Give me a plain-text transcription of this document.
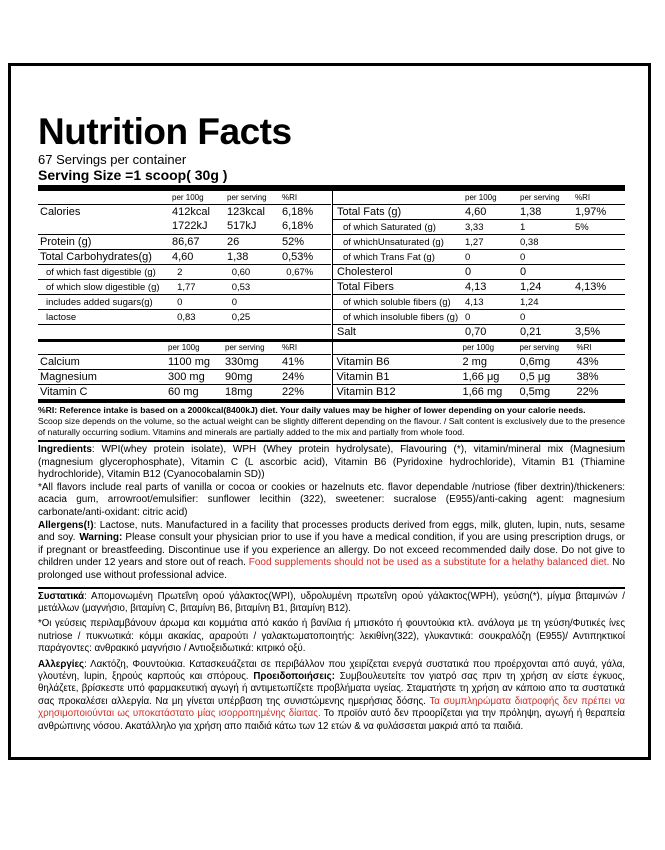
Nutrition Facts
67 Servings per container
Serving Size =1 scoop( 30g )
per 100g	per serving	%RI
Calories	412kcal	123kcal	6,18%
1722kJ	517kJ	6,18%
Protein (g)	86,67	26	52%
Total Carbohydrates(g)	4,60	1,38	0,53%
of which fast digestible (g)	2	0,60	0,67%
of which slow digestible (g)	1,77	0,53
includes added sugars(g)	0	0
lactose	0,83	0,25
per 100g	per serving	%RI
Total Fats (g)	4,60	1,38	1,97%
of which Saturated (g)	3,33	1	5%
of whichUnsaturated (g)	1,27	0,38
of which Trans Fat (g)	0	0
Cholesterol	0	0
Total Fibers	4,13	1,24	4,13%
of which soluble fibers (g)	4,13	1,24
of which insoluble fibers (g) 0	0
Salt	0,70	0,21	3,5%
per 100g	per serving	%RI
Calcium	1100 mg	330mg	41%
Magnesium	300 mg	90mg	24%
Vitamin C	60 mg	18mg	22%
per 100g	per serving	%RI
Vitamin B6	2 mg	0,6mg	43%
Vitamin B1	1,66 μg	0,5 μg	38%
Vitamin B12	1,66 mg	0,5mg	22%

%RI: Reference intake is based on a 2000kcal(8400kJ) diet. Your daily values may be higher of lower depending on your calorie needs.

Scoop size depends on the volume, so the actual weight can be slightly different depending on the flavour. / Salt content is exclusively due to the presence of naturally occurring sodium. Vitamins and minerals are partially added to the mix and partially from whole food.

Ingredients: WPI(whey protein isolate), WPH (Whey protein hydrolysate), Flavouring (*), vitamin/mineral mix (Magnesium (magnesium glycerophosphate), Vitamin C (L ascorbic acid), Vitamin B6 (Pyridoxine hydrochloride), Vitamin B1 (Thiamine hydrochloride), Vitamin B12 (Cyanocobalamin SD))

*All flavors include real parts of vanilla or cocoa or cookies or hazelnuts etc. flavor dependable /nutriose (fiber dextrin)/thickeners: acacia gum, arrowroot/emulsifier: sunflower lecithin (322), sweetener: sucralose (E955)/anti-caking agent: magnesium carbonate/anti-oxidant: citric acid)

Allergens(!): Lactose, nuts. Manufactured in a facility that processes products derived from eggs, milk, gluten, lupin, nuts, sesame and soy. Warning: Please consult your physician prior to use if you have a medical condition, if you are using prescription drugs, or if pregnant or breastfeeding. Discontinue use if you experience an allergy. Do not exceed recommended daily dose. Do not give to children under 12 years and store out of reach. Food supplements should not be used as a substitute for a helathy balanced diet. No prolonged use without professional advice.

Συστατικά: Απομονωμένη Πρωτεΐνη ορού γάλακτος(WPI), υδρολυμένη πρωτεΐνη ορού γάλακτος(WPH), γεύση(*), μίγμα βιταμινών / μετάλλων (μαγνήσιο, βιταμίνη C, βιταμίνη B6, βιταμίνη B1, βιταμίνη B12).

*Οι γεύσεις περιλαμβάνουν άρωμα και κομμάτια από κακάο ή βανίλια ή μπισκότο ή φουντούκια κτλ. ανάλογα με τη γεύση/Φυτικές ίνες nutriose / πυκνωτικά: κόμμι ακακίας, αραρούτι / γαλακτωματοποιητής: λεκιθίνη(322), γλυκαντικά: σουκραλόζη (Ε955)/ Αντιπηκτικοί παράγοντες: ανθρακικό μαγνήσιο / Αντιοξειδωτικά: κιτρικό οξύ.

Αλλεργίες: Λακτόζη, Φουντούκια. Κατασκευάζεται σε περιβάλλον που χειρίζεται ενεργά συστατικά που προέρχονται από αυγά, γάλα, γλουτένη, lupin, ξηρούς καρπούς και σπόρους. Προειδοποιήσεις: Συμβουλευτείτε τον γιατρό σας πριν τη χρήση αν είστε έγκυος, θηλάζετε, βρίσκεστε υπό φαρμακευτική αγωγή ή αντιμετωπίζετε προβλήματα υγείας. Σταματήστε τη χρήση αν κάποιο απο τα συστατικά σας προκαλέσει αλλεργία. Να μη γίνεται υπέρβαση της συνιστώμενης ημερήσιας δόσης. Τα συμπληρώματα διατροφής δεν πρέπει να χρησιμοποιούνται ως υποκατάστατο μίας ισορροπημένης δίαιτας. Το προϊόν αυτό δεν προορίζεται για την πρόληψη, αγωγή ή θεραπεία ανθρώπινης νόσου. Ακατάλληλο για χρήση απο παιδιά κάτω των 12 ετών & να φυλάσσεται μακριά από τα παιδιά.
